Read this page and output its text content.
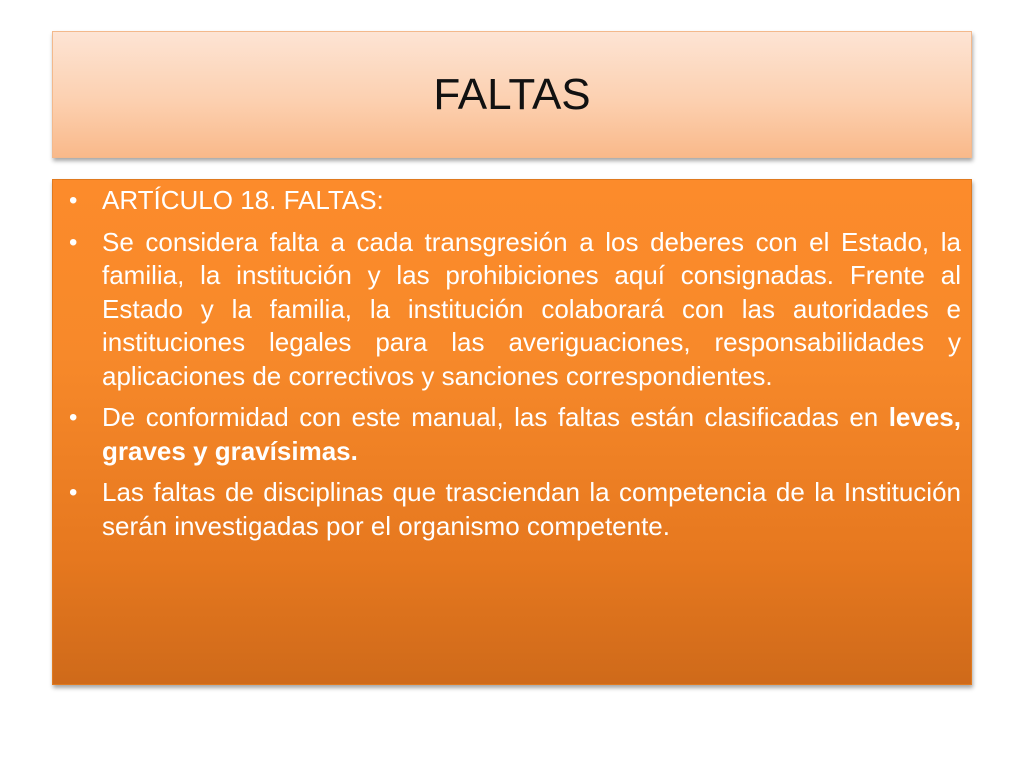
FALTAS
• ARTÍCULO 18. FALTAS:
• Se considera falta a cada transgresión a los deberes con el Estado, la familia, la institución y las prohibiciones aquí consignadas. Frente al Estado y la familia, la institución colaborará con las autoridades e instituciones legales para las averiguaciones, responsabilidades y aplicaciones de correctivos y sanciones correspondientes.
• De conformidad con este manual, las faltas están clasificadas en leves, graves y gravísimas.
• Las faltas de disciplinas que trasciendan la competencia de la Institución serán investigadas por el organismo competente.
